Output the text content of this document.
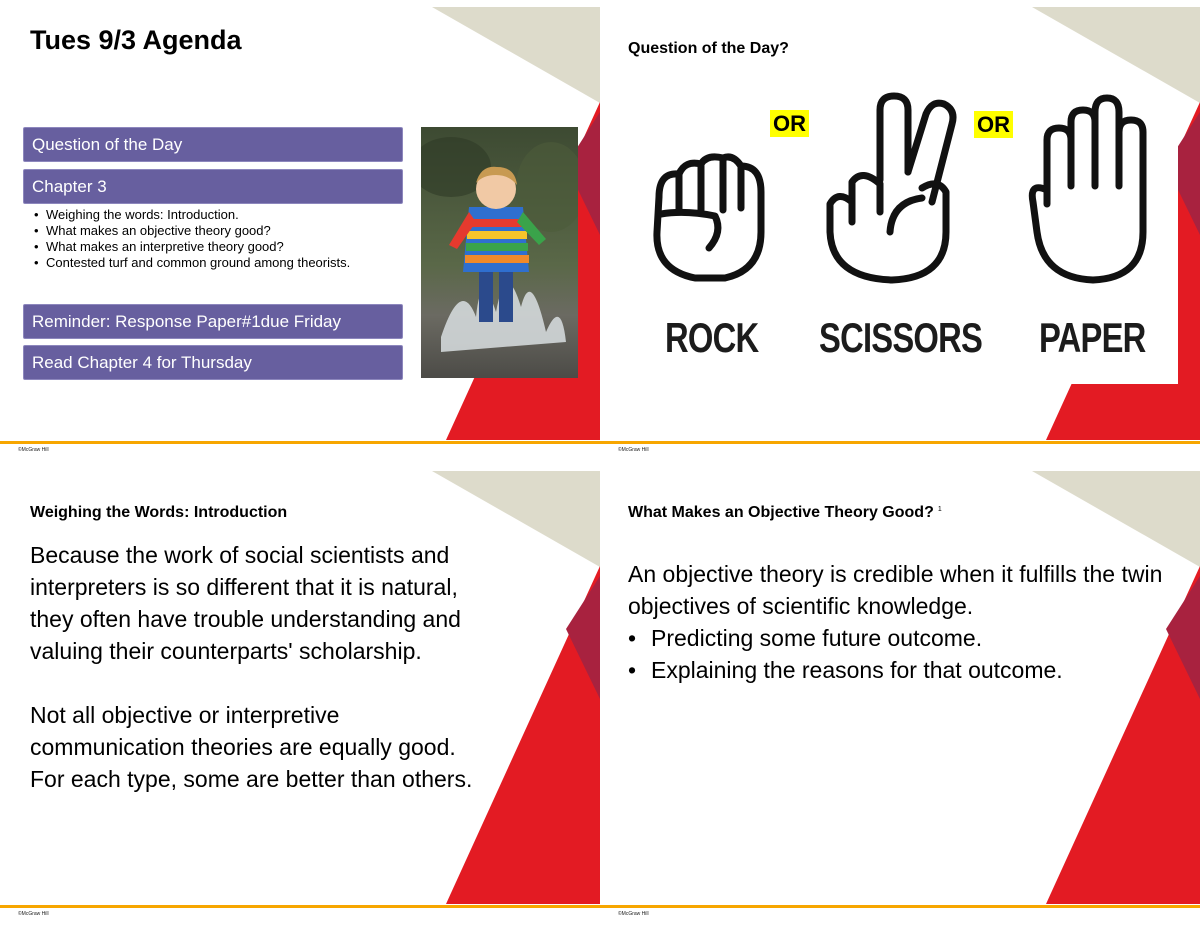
©McGraw Hill
Tues 9/3 Agenda
Question of the Day
Chapter 3
• Weighing the words: Introduction.
• What makes an objective theory good?
• What makes an interpretive theory good?
• Contested turf and common ground among theorists.
Reminder: Response Paper#1due Friday
Read Chapter 4 for Thursday
©McGraw Hill
Question of the Day?
OR	OR
ROCK SCISSORS PAPER
©McGraw Hill
Weighing the Words: Introduction

Because the work of social scientists and interpreters is so different that it is natural, they often have trouble understanding and valuing their counterparts' scholarship.

Not all objective or interpretive communication theories are equally good. For each type, some are better than others.

©McGraw Hill
What Makes an Objective Theory Good? $^1$

An objective theory is credible when it fulfills the twin objectives of scientific knowledge.

• Predicting some future outcome.
• Explaining the reasons for that outcome.
